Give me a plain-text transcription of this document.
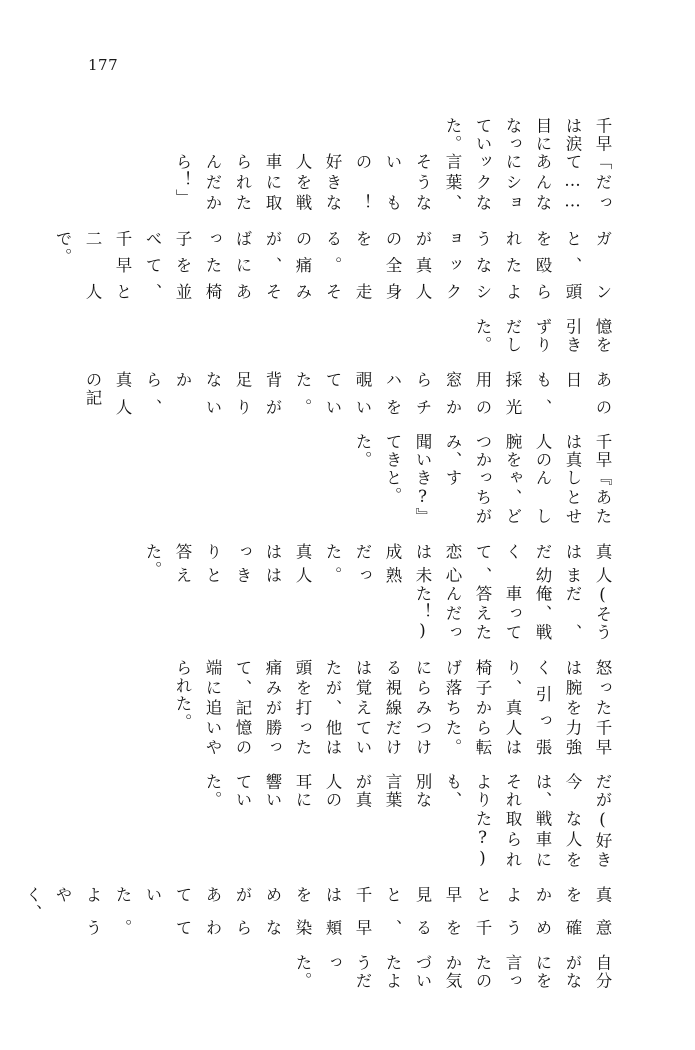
177

千早は涙目になっていた。

「だって……あんなにショックな言葉、そうないもの！　好きな人を戦車に取られたんだから！」

ガンと、頭を殴られたようなショックが真人の全身を走る。その痛みが、そばにあった椅子を並べて、千早と二人で。

憶を引きずりだした。

あの日も、採光用の窓からチハを覗いていた。背が足りないから、真人の記

千早は真人の腕をつかみ、聞いてきた。

『あたしとせんしゃ、どっちがすき?』と。

真人はまだ幼くて、恋心は未成熟だった。真人ははっきりと答えた。

(そうだ、俺、戦車って答えたんだった！)

怒った千早は腕を力強く引っ張り、真人は椅子から転げ落ちた。にらみつける視線だけは覚えていたが、他は頭を打った痛みが勝って、記憶の端に追いやられた。

だが今は、それよりも、別な言葉が真人の耳に響いていた。

(好きな人を戦車に取られた?)

真意を確かめようと千早を見ると、千早は頬を染めながらあわてていた。ようやく、

自分がなにを言ったのか気づいたようだった。
